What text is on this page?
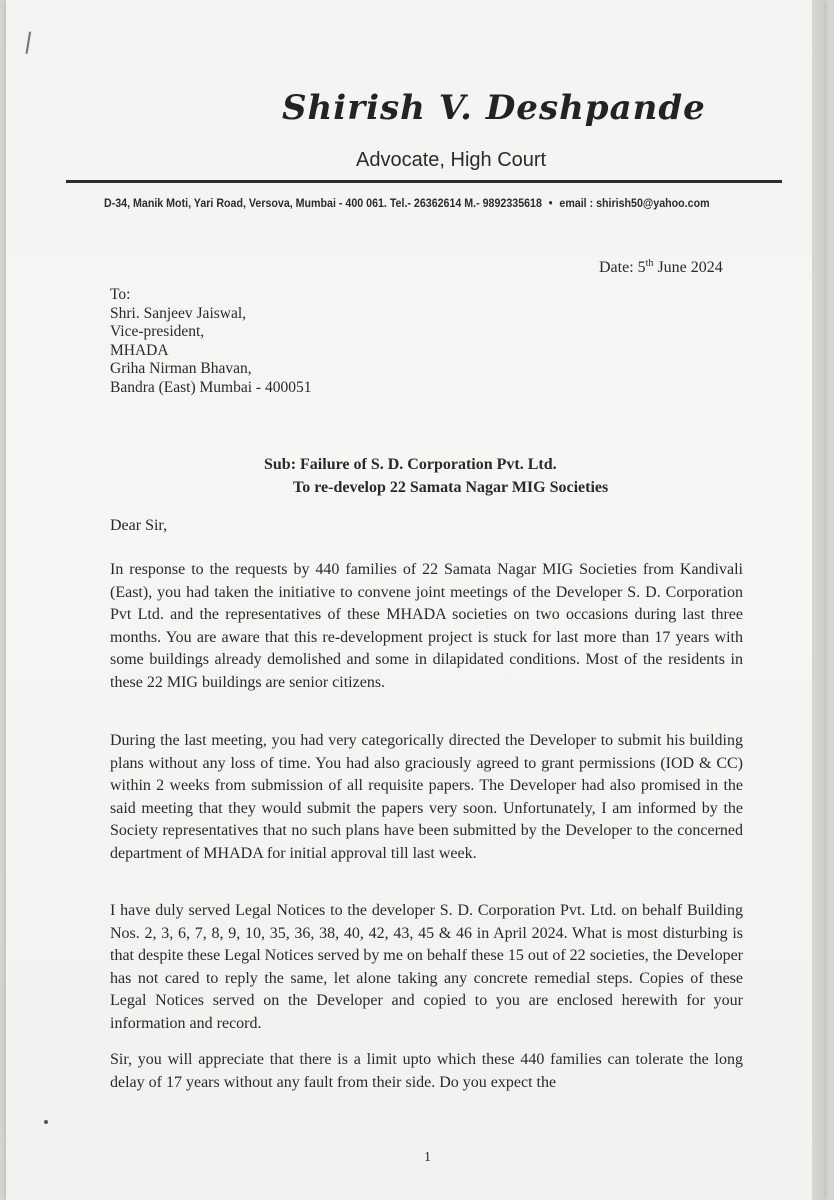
/
Shirish V. Deshpande
Advocate, High Court
D-34, Manik Moti, Yari Road, Versova, Mumbai - 400 061. Tel.- 26362614 M.- 9892335618 • email : shirish50@yahoo.com
Date: 5th June 2024
To:
Shri. Sanjeev Jaiswal,
Vice-president,
MHADA
Griha Nirman Bhavan,
Bandra (East) Mumbai - 400051
Sub: Failure of S. D. Corporation Pvt. Ltd.
To re-develop 22 Samata Nagar MIG Societies
Dear Sir,

In response to the requests by 440 families of 22 Samata Nagar MIG Societies from Kandivali (East), you had taken the initiative to convene joint meetings of the Developer S. D. Corporation Pvt Ltd. and the representatives of these MHADA societies on two occasions during last three months. You are aware that this re-development project is stuck for last more than 17 years with some buildings already demolished and some in dilapidated conditions. Most of the residents in these 22 MIG buildings are senior citizens.

During the last meeting, you had very categorically directed the Developer to submit his building plans without any loss of time. You had also graciously agreed to grant permissions (IOD & CC) within 2 weeks from submission of all requisite papers. The Developer had also promised in the said meeting that they would submit the papers very soon. Unfortunately, I am informed by the Society representatives that no such plans have been submitted by the Developer to the concerned department of MHADA for initial approval till last week.

I have duly served Legal Notices to the developer S. D. Corporation Pvt. Ltd. on behalf Building Nos. 2, 3, 6, 7, 8, 9, 10, 35, 36, 38, 40, 42, 43, 45 & 46 in April 2024. What is most disturbing is that despite these Legal Notices served by me on behalf these 15 out of 22 societies, the Developer has not cared to reply the same, let alone taking any concrete remedial steps. Copies of these Legal Notices served on the Developer and copied to you are enclosed herewith for your information and record.

Sir, you will appreciate that there is a limit upto which these 440 families can tolerate the long delay of 17 years without any fault from their side. Do you expect the

1
